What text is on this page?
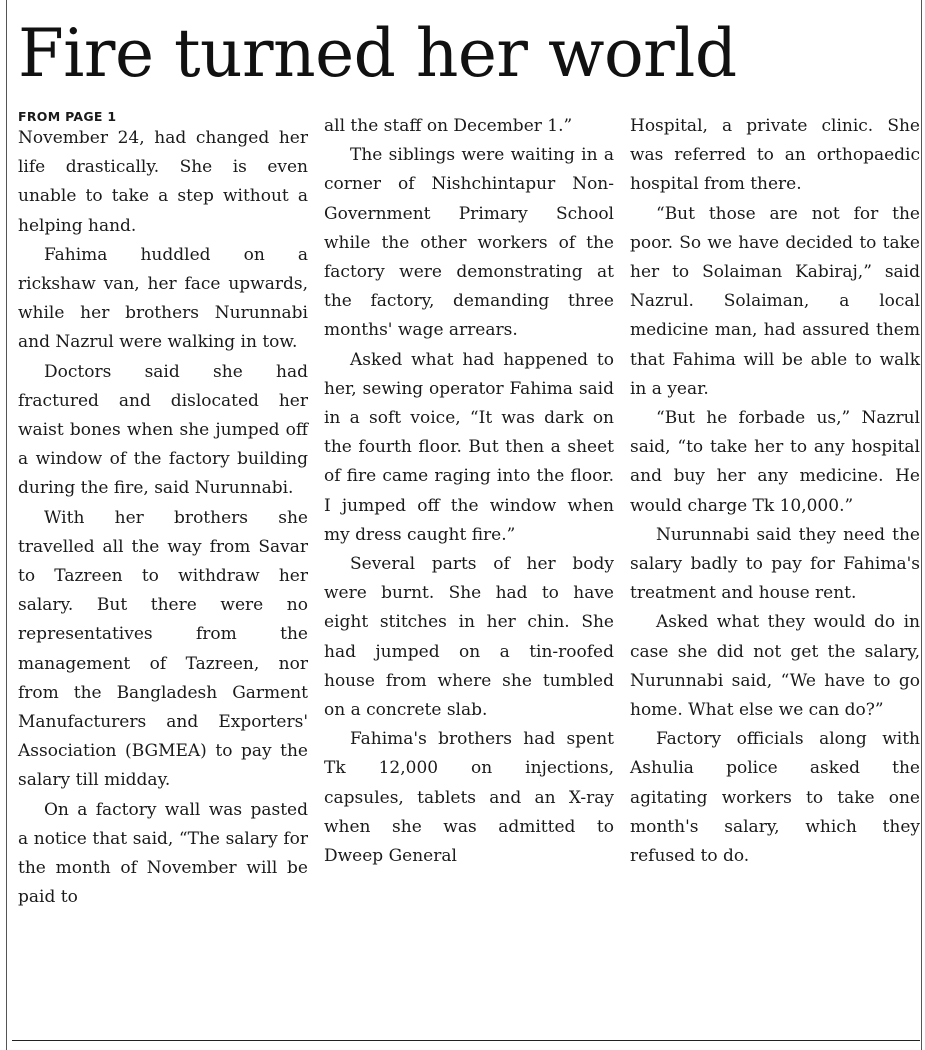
Fire turned her world
FROM PAGE 1

November 24, had changed her life drastically. She is even unable to take a step without a helping hand.

Fahima huddled on a rickshaw van, her face upwards, while her brothers Nurunnabi and Nazrul were walking in tow.

Doctors said she had fractured and dislocated her waist bones when she jumped off a window of the factory building during the fire, said Nurunnabi.

With her brothers she travelled all the way from Savar to Tazreen to withdraw her salary. But there were no representatives from the management of Tazreen, nor from the Bangladesh Garment Manufacturers and Exporters' Association (BGMEA) to pay the salary till midday.

On a factory wall was pasted a notice that said, “The salary for the month of November will be paid to

all the staff on December 1.”

The siblings were waiting in a corner of Nishchintapur Non-Government Primary School while the other workers of the factory were demonstrating at the factory, demanding three months' wage arrears.

Asked what had happened to her, sewing operator Fahima said in a soft voice, “It was dark on the fourth floor. But then a sheet of fire came raging into the floor. I jumped off the window when my dress caught fire.”

Several parts of her body were burnt. She had to have eight stitches in her chin. She had jumped on a tin-roofed house from where she tumbled on a concrete slab.

Fahima's brothers had spent Tk 12,000 on injections, capsules, tablets and an X-ray when she was admitted to Dweep General

Hospital, a private clinic. She was referred to an orthopaedic hospital from there.

“But those are not for the poor. So we have decided to take her to Solaiman Kabiraj,” said Nazrul. Solaiman, a local medicine man, had assured them that Fahima will be able to walk in a year.

“But he forbade us,” Nazrul said, “to take her to any hospital and buy her any medicine. He would charge Tk 10,000.”

Nurunnabi said they need the salary badly to pay for Fahima's treatment and house rent.

Asked what they would do in case she did not get the salary, Nurunnabi said, “We have to go home. What else we can do?”

Factory officials along with Ashulia police asked the agitating workers to take one month's salary, which they refused to do.
